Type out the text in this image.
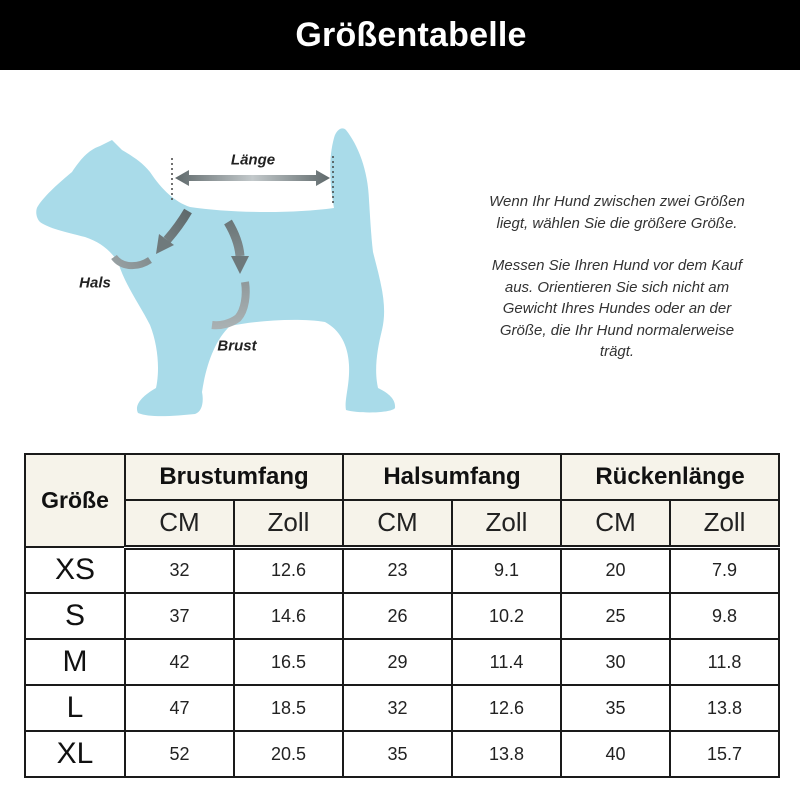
Größentabelle
Länge
Hals
Brust
Wenn Ihr Hund zwischen zwei Größen
liegt, wählen Sie die größere Größe.
Messen Sie Ihren Hund vor dem Kauf
aus. Orientieren Sie sich nicht am
Gewicht Ihres Hundes oder an der
Größe, die Ihr Hund normalerweise
trägt.
Größe	Brustumfang		Halsumfang		Rückenlänge	
	CM	Zoll	CM	Zoll	CM	Zoll
XS	32	12.6	23	9.1	20	7.9
S	37	14.6	26	10.2	25	9.8
M	42	16.5	29	11.4	30	11.8
L	47	18.5	32	12.6	35	13.8
XL	52	20.5	35	13.8	40	15.7
